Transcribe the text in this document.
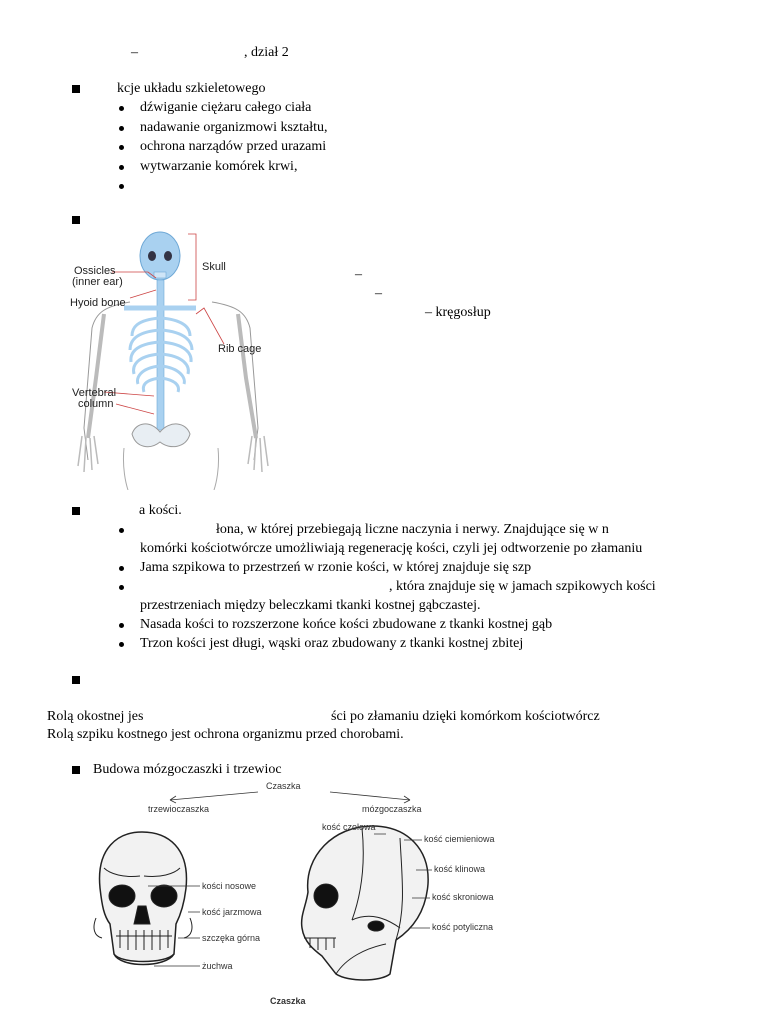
–	, dział 2
kcje układu szkieletowego
dźwiganie ciężaru całego ciała
nadawanie organizmowi kształtu,
ochrona narządów przed urazami
wytwarzanie komórek krwi,
Ossicles
(inner ear)
Skull
Hyoid bone
Rib cage
Vertebral
column
–
–
– kręgosłup
a kości.
łona, w której przebiegają liczne naczynia i nerwy. Znajdujące się w n
komórki kościotwórcze umożliwiają regenerację kości, czyli jej odtworzenie po złamaniu
Jama szpikowa to przestrzeń w rzonie kości, w której znajduje się szp
, która znajduje się w jamach szpikowych kości
przestrzeniach między beleczkami tkanki kostnej gąbczastej.
Nasada kości to rozszerzone końce kości zbudowane z tkanki kostnej gąb
Trzon kości jest długi, wąski oraz zbudowany z tkanki kostnej zbitej
Rolą okostnej jes	ści po złamaniu dzięki komórkom kościotwórcz
Rolą szpiku kostnego jest ochrona organizmu przed chorobami.
Budowa mózgoczaszki i trzewioc
Czaszka
trzewioczaszka	mózgoczaszka
kości nosowe
kość jarzmowa
szczęka górna
żuchwa
kość czołowa
kość ciemieniowa
kość klinowa
kość skroniowa
kość potyliczna
Czaszka
